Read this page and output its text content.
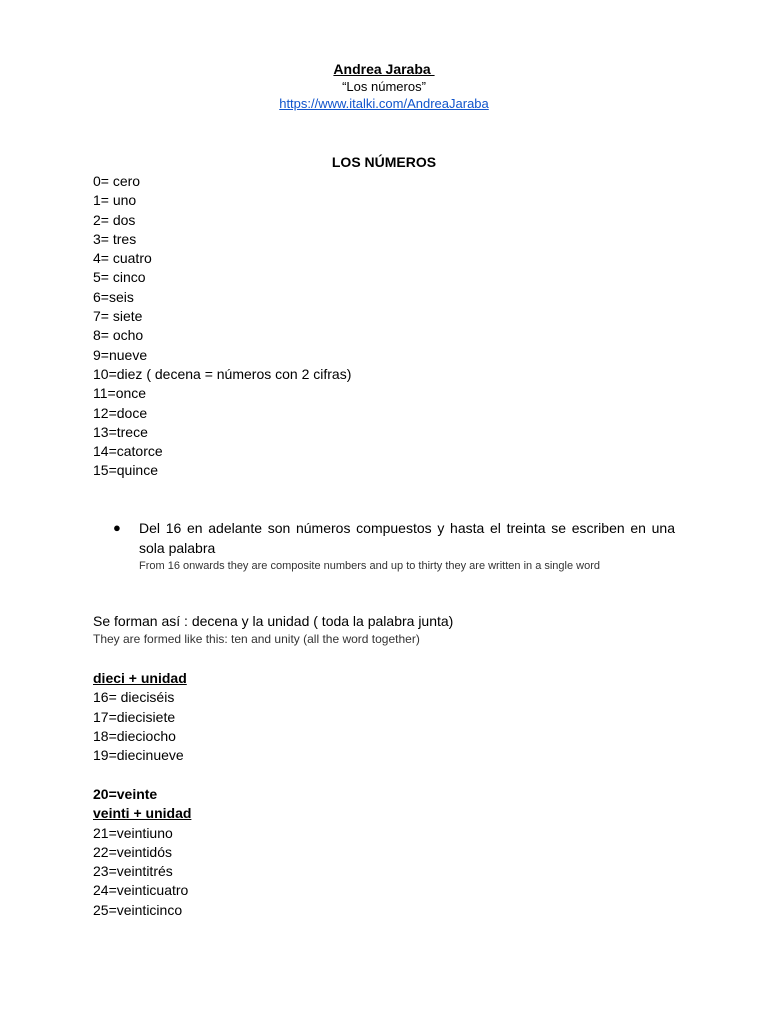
Andrea Jaraba
“Los números”
https://www.italki.com/AndreaJaraba
LOS NÚMEROS
0= cero
1= uno
2= dos
3= tres
4= cuatro
5= cinco
6=seis
7= siete
8= ocho
9=nueve
10=diez ( decena = números con 2 cifras)
11=once
12=doce
13=trece
14=catorce
15=quince
● Del 16 en adelante son números compuestos y hasta el treinta se escriben en una sola palabra
From 16 onwards they are composite numbers and up to thirty they are written in a single word
Se forman así : decena y la unidad ( toda la palabra junta)
They are formed like this: ten and unity (all the word together)
dieci + unidad
16= dieciséis
17=diecisiete
18=dieciocho
19=diecinueve
20=veinte
veinti + unidad
21=veintiuno
22=veintidós
23=veintitrés
24=veinticuatro
25=veinticinco
